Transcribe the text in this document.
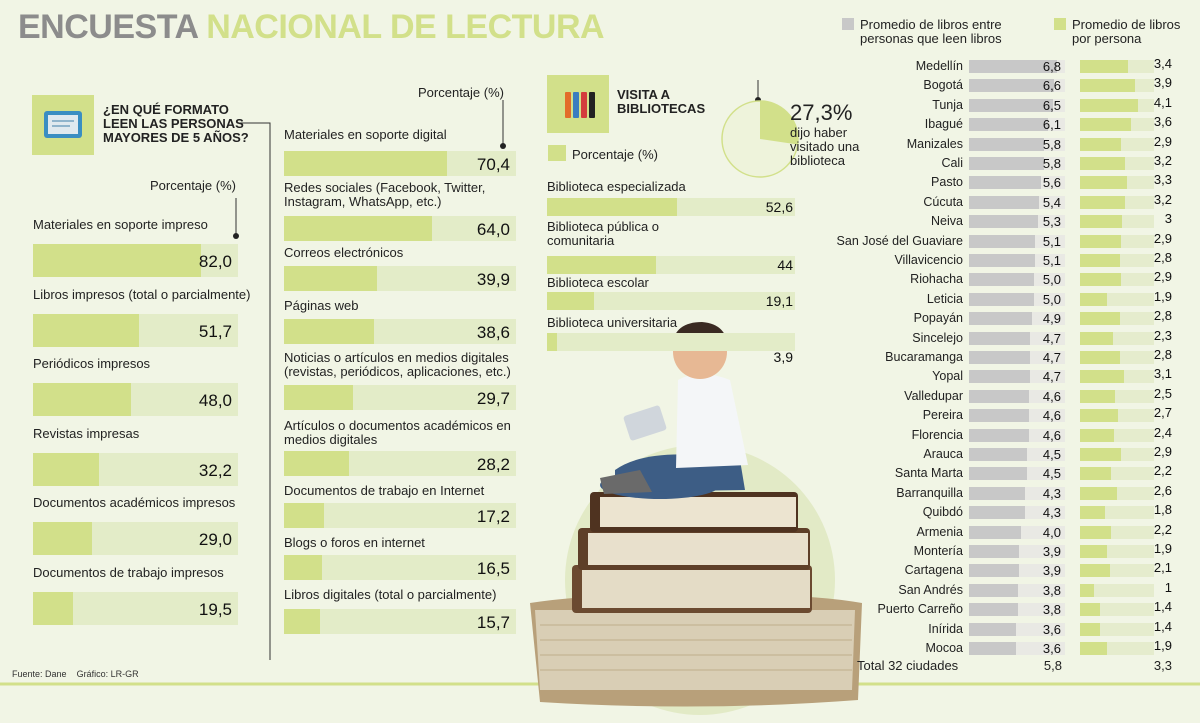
ENCUESTA NACIONAL DE LECTURA
¿EN QUÉ FORMATO LEEN LAS PERSONAS MAYORES DE 5 AÑOS?
Porcentaje (%)
Porcentaje (%)	VISITA A BIBLIOTECAS
Porcentaje (%)
27,3%
dijo haber visitado una biblioteca
Promedio de libros entre personas que leen libros
Promedio de libros por persona
Materiales en soporte impreso
82,0
Libros impresos (total o parcialmente)
51,7
Periódicos impresos
48,0
Revistas impresas
32,2
Documentos académicos impresos
29,0
Documentos de trabajo impresos
19,5
Materiales en soporte digital
70,4
Redes sociales (Facebook, Twitter, Instagram, WhatsApp, etc.)
64,0
Correos electrónicos
39,9
Páginas web
38,6
Noticias o artículos en medios digitales (revistas, periódicos, aplicaciones, etc.)
29,7
Artículos o documentos académicos en medios digitales
28,2
Documentos de trabajo en Internet
17,2
Blogs o foros en internet
16,5
Libros digitales (total o parcialmente)
15,7
Biblioteca especializada
52,6
Biblioteca pública o comunitaria
44
Biblioteca escolar
19,1
Biblioteca universitaria
3,9
Medellín	6,8	3,4
Bogotá	6,6	3,9
Tunja	6,5	4,1
Ibagué	6,1	3,6
Manizales	5,8	2,9
Cali	5,8	3,2
Pasto	5,6	3,3
Cúcuta	5,4	3,2
Neiva	5,3	3
San José del Guaviare	5,1	2,9
Villavicencio	5,1	2,8
Riohacha	5,0	2,9
Leticia	5,0	1,9
Popayán	4,9	2,8
Sincelejo	4,7	2,3
Bucaramanga	4,7	2,8
Yopal	4,7	3,1
Valledupar	4,6	2,5
Pereira	4,6	2,7
Florencia	4,6	2,4
Arauca	4,5	2,9
Santa Marta	4,5	2,2
Barranquilla	4,3	2,6
Quibdó	4,3	1,8
Armenia	4,0	2,2
Montería	3,9	1,9
Cartagena	3,9	2,1
San Andrés	3,8	1
Puerto Carreño	3,8	1,4
Inírida	3,6	1,4
Mocoa	3,6	1,9
Total 32 ciudades	5,8	3,3
Fuente: Dane Gráfico: LR-GR
